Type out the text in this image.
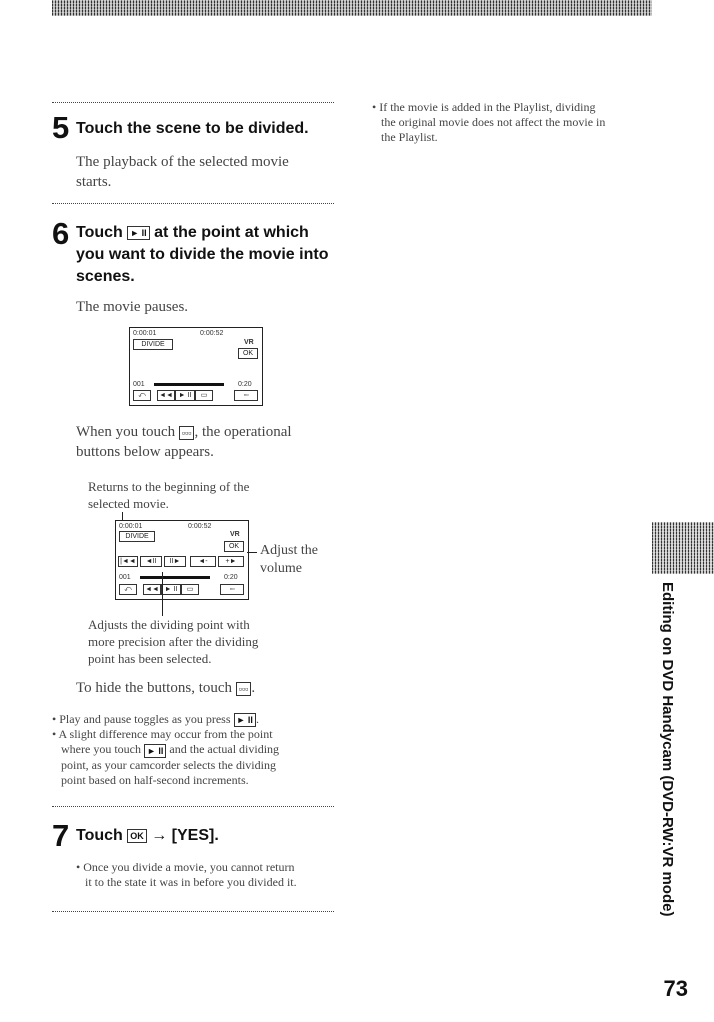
5 Touch the scene to be divided.
The playback of the selected movie
starts.
6 Touch ► II at the point at which
you want to divide the movie into
scenes.
The movie pauses.
0:00:01	0:00:52
DIVIDE	VR
OK
001	0:20
⤺	◄◄ ► II	▭	▫▫
When you touch ▫▫▫ , the operational
buttons below appears.
Returns to the beginning of the
selected movie.
0:00:01	0:00:52
DIVIDE	VR
OK
|◄◄	◄II	II►	◄-	+►
001	0:20
⤺	◄◄ ► II	▭	▫▫
Adjust the
volume
Adjusts the dividing point with
more precision after the dividing
point has been selected.
To hide the buttons, touch ▫▫▫ .
• Play and pause toggles as you press ► II .
• A slight difference may occur from the point
where you touch ► II and the actual dividing
point, as your camcorder selects the dividing
point based on half-second increments.
7 Touch OK → [YES].
• Once you divide a movie, you cannot return
it to the state it was in before you divided it.
• If the movie is added in the Playlist, dividing
the original movie does not affect the movie in
the Playlist.
Editing on DVD Handycam (DVD-RW:VR mode)
73
